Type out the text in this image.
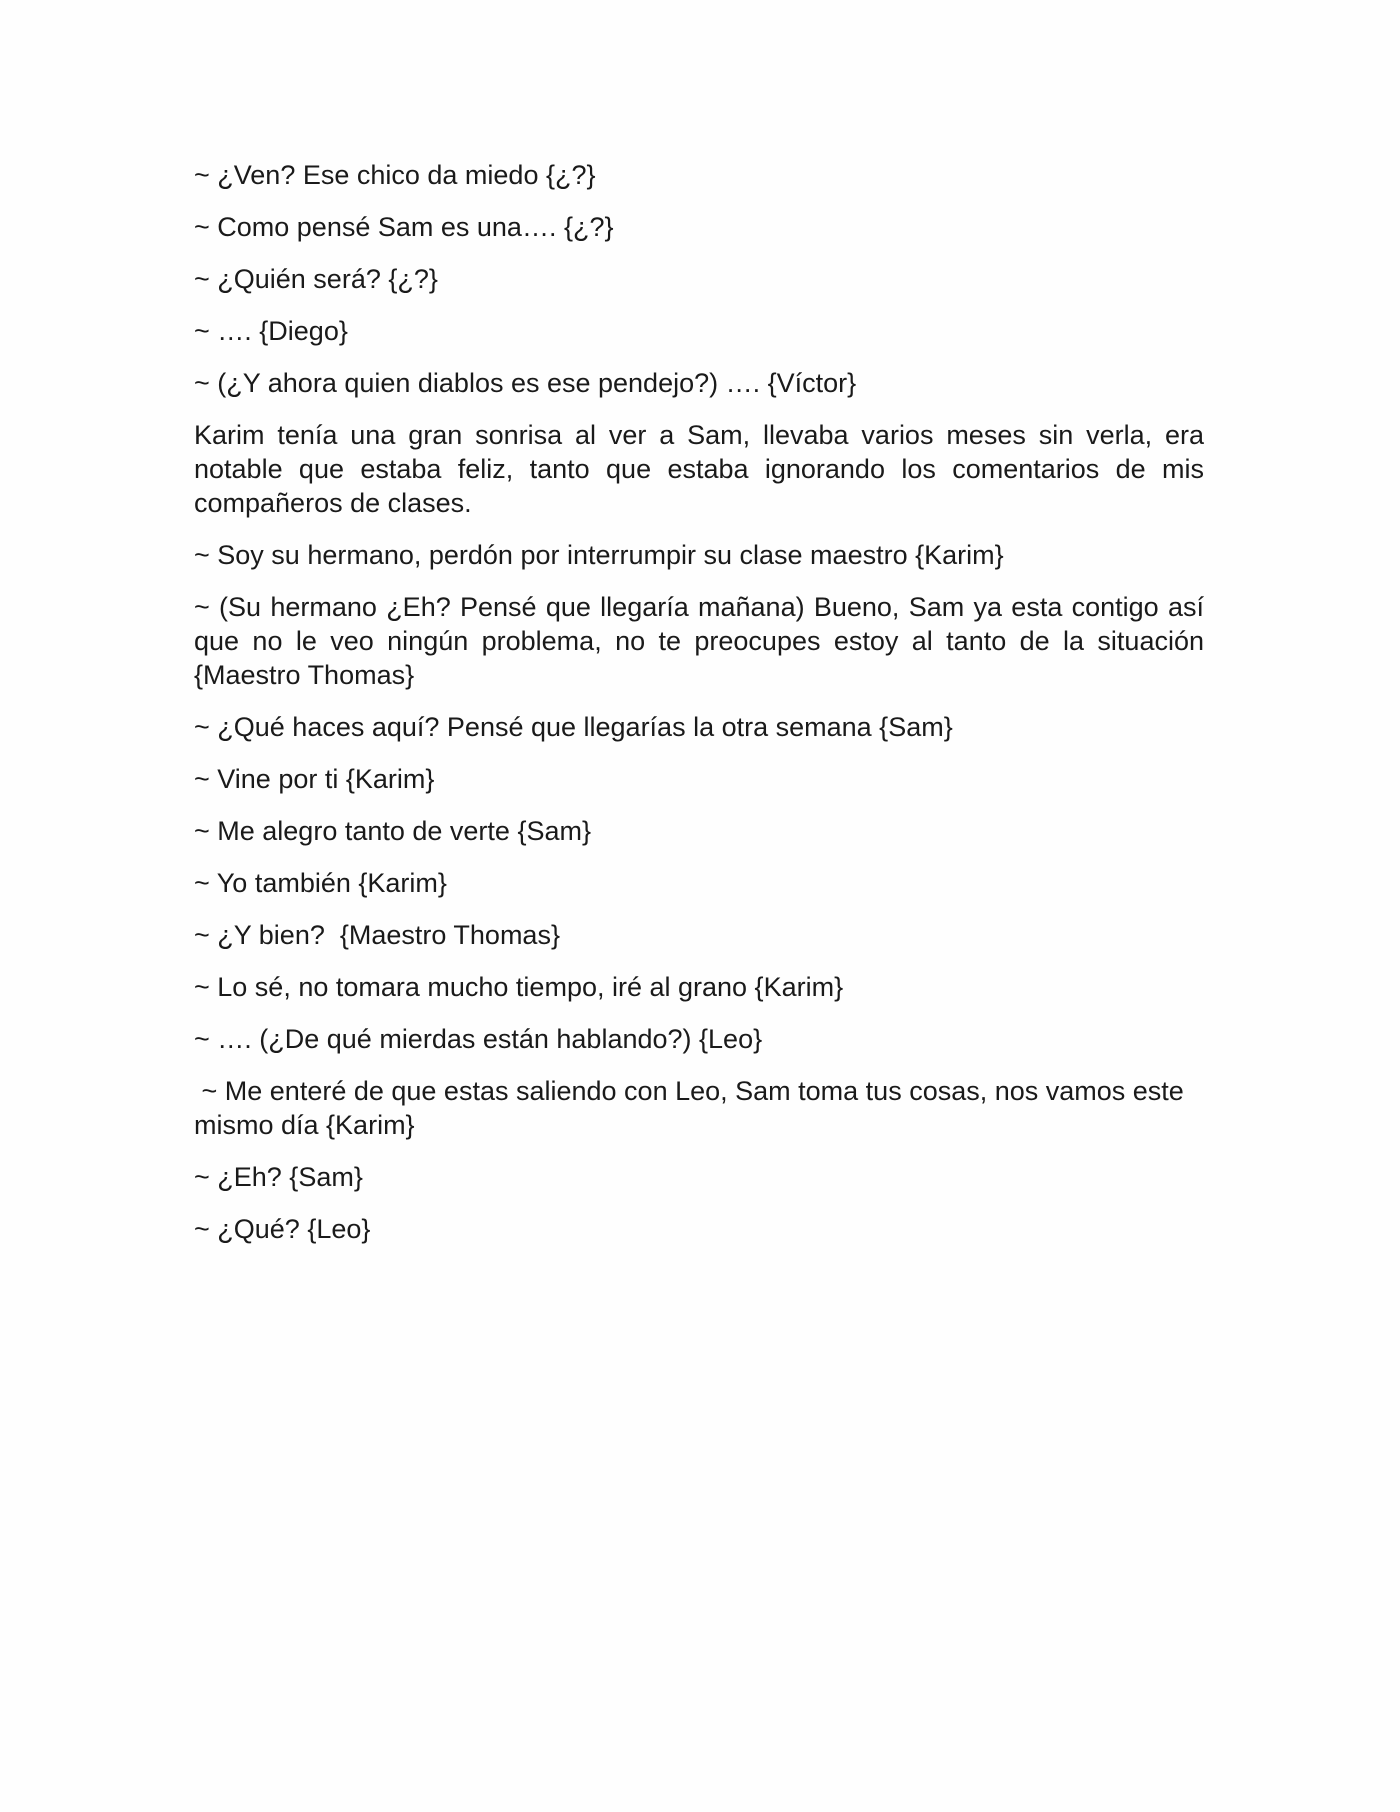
~ ¿Ven? Ese chico da miedo {¿?}

~ Como pensé Sam es una…. {¿?}

~ ¿Quién será? {¿?}

~ …. {Diego}

~ (¿Y ahora quien diablos es ese pendejo?) …. {Víctor}

Karim tenía una gran sonrisa al ver a Sam, llevaba varios meses sin verla, era notable que estaba feliz, tanto que estaba ignorando los comentarios de mis compañeros de clases.

~ Soy su hermano, perdón por interrumpir su clase maestro {Karim}

~ (Su hermano ¿Eh? Pensé que llegaría mañana) Bueno, Sam ya esta contigo así que no le veo ningún problema, no te preocupes estoy al tanto de la situación {Maestro Thomas}

~ ¿Qué haces aquí? Pensé que llegarías la otra semana {Sam}

~ Vine por ti {Karim}

~ Me alegro tanto de verte {Sam}

~ Yo también {Karim}

~ ¿Y bien?  {Maestro Thomas}

~ Lo sé, no tomara mucho tiempo, iré al grano {Karim}

~ …. (¿De qué mierdas están hablando?) {Leo}

~ Me enteré de que estas saliendo con Leo, Sam toma tus cosas, nos vamos este mismo día {Karim}

~ ¿Eh? {Sam}

~ ¿Qué? {Leo}
